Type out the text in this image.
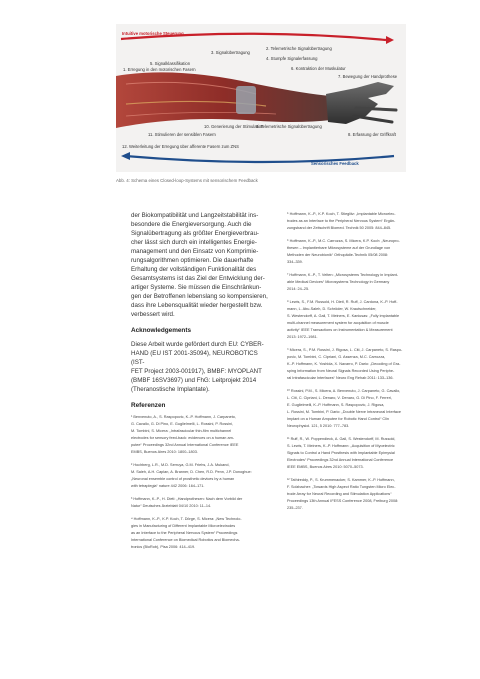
Intuitive motorische Steuerung
Sensorisches Feedback
1. Erregung in den motorischen Fasern
2. Telemetrische Signalübertragung
3. Signalübertragung
4. Stumpfe Signalerfassung
5. Signalklassifikation
6. Kontraktion der Muskulatur
7. Bewegung der Handprothese
8. Erfassung der Griffkraft
9. Telemetrische Signalübertragung
10. Generierung der Stimulation
11. Stimulieren der sensiblen Fasern
12. Weiterleitung der Erregung über afferente Fasern zum ZNS
Abb. 4: Schema eines Closed-loop-Systems mit sensorischem Feedback

der Biokompatibilität und Langzeitstabilität ins-

besondere die Energieversorgung. Auch die

Signalübertragung als größter Energieverbrau-

cher lässt sich durch ein intelligentes Energie-

management und den Einsatz von Komprimie-

rungsalgorithmen optimieren. Die dauerhafte

Erhaltung der vollständigen Funktionalität des

Gesamtsystems ist das Ziel der Entwicklung der-

artiger Systeme. Sie müssen die Einschränkun-

gen der Betroffenen lebenslang so kompensieren,

dass ihre Lebensqualität wieder hergestellt bzw.

verbessert wird.

Acknowledgements

Diese Arbeit wurde gefördert durch EU: CYBER-

HAND (EU IST 2001-35094), NEUROBOTICS (IST-

FET Project 2003-001917), BMBF: MYOPLANT

(BMBF 16SV3697) und FhG: Leitprojekt 2014

(Theranostische Implantate).

Referenzen

¹ Benvenuto, A., S. Raspopovic, K.-P. Hoffmann, J. Carpaneto,

G. Cavallo, G. Di Pino, E. Guglielmelli, L. Rossini, P. Rossini,

M. Tombini, S. Micera: „Intrafascicular thin-film multichannel

electrodes for sensory feed-back: evidences on a human am-

putee“ Proceedings 32nd Annual International Conference IEEE

EMBS, Buenos Aires 2010: 1800–1803.

² Hochberg, L.R., M.D. Serruya, G.M. Friehs, J.A. Mukand,

M. Saleh, A.H. Caplan, A. Branner, D. Chen, R.D. Penn, J.P. Donoghue:

„Neuronal ensemble control of prosthetic devices by a human

with tetraplegia“ nature 442 2006: 164–171.

³ Hoffmann, K.-P., H. Dietl: „Handprothesen: Nach dem Vorbild der

Natur“ Deutsches Ärzteblatt 04/10 2010: 11–14.

⁴ Hoffmann, K.-P., K.P. Koch, T. Dörge, S. Micera: „New Technolo-

gies in Manufacturing of Different Implantable Microelectrodes

as an Interface to the Peripheral Nervous System“ Proceedings

International Conference on Biomedical Robotics and Biomecha-

tronics (BioRob), Pisa 2006: 414–419.

⁵ Hoffmann, K.-P., K.P. Koch, T. Stieglitz: „Implantable Microelec-

trodes as an Interface to the Peripheral Nervous System“ Ergän-

zungsband der Zeitschrift Biomed. Technik 50 2005: 844–845.

⁶ Hoffmann, K.-P., M.C. Carrozza, S. Micera, K.P. Koch: „Neuropro-

thesen – Implantierbare Mikrosysteme auf der Grundlage von

Methoden der Neurobionik“ Orthopädie-Technik 05/08 2008:

334–339.

⁷ Hoffmann, K.-P., T. Velten: „Microsystems Technology in Implant-

able Medical Devices“ Microsystems Technology in Germany

2014: 24–25.

⁸ Lewis, S., F.M. Russold, H. Dietl, R. Ruff, J. Cardona, K.-P. Hoff-

mann, L. Abu-Saleh, D. Schröder, W. Krautschneider,

S. Westendorff, A. Gail, T. Meiners, E. Kaniusas: „Fully implantable

multi-channel measurement system for acquisition of muscle

activity“ IEEE Transactions on Instrumentation & Measurement

2013: 1972–1981.

⁹ Micera, S., P.M. Rossini, J. Rigosa, L. Citi, J. Carpaneto, S. Raspo-

povic, M. Tombini, C. Cipriani, G. Assenza, M.C. Carrozza,

K.-P. Hoffmann, K. Yoshida, X. Navarro, P. Dario: „Decoding of Gra-

sping Information from Neural Signals Recorded Using Periphe-

ral Intrafascicular Interfaces“ Neuro Eng Rehab 2011: 133–136.

¹⁰ Rossini, P.M., S. Micera, A. Benvenuto, J. Carpaneto, G. Cavallo,

L. Citi, C. Cipriani, L. Denaro, V. Denaro, G. Di Pino, F. Ferreri,

E. Guglielmelli, K.-P. Hoffmann, S. Raspopovic, J. Rigosa,

L. Rossini, M. Tombini, P. Dario: „Double Nerve Intraneural Interface

Implant on a Human Amputee for Robotic Hand Control“ Clin

Neurophysiol. 121, 5 2010: 777–783.

¹¹ Ruff, R., W. Poppendieck, A. Gail, S. Westendorff, M. Russold,

S. Lewis, T. Meiners, K.-P. Hoffmann: „Acquisition of Myoelectric

Signals to Control a Hand Prosthesis with Implantable Epimysial

Electrodes“ Proceedings 32nd Annual International Conference

IEEE EMBS, Buenos Aires 2010: 5070–5073.

¹² Tathireddy, P., S. Krummenacker, S. Kammer, K.-P. Hoffmann,

F. Solzbacher: „Towards High Aspect Ratio Tungsten Micro Elec-

trode Array for Neural Recording and Stimulation Applications“

Proceedings 13th Annual IFESS Conference 2008, Freiburg 2008:

235–237.
